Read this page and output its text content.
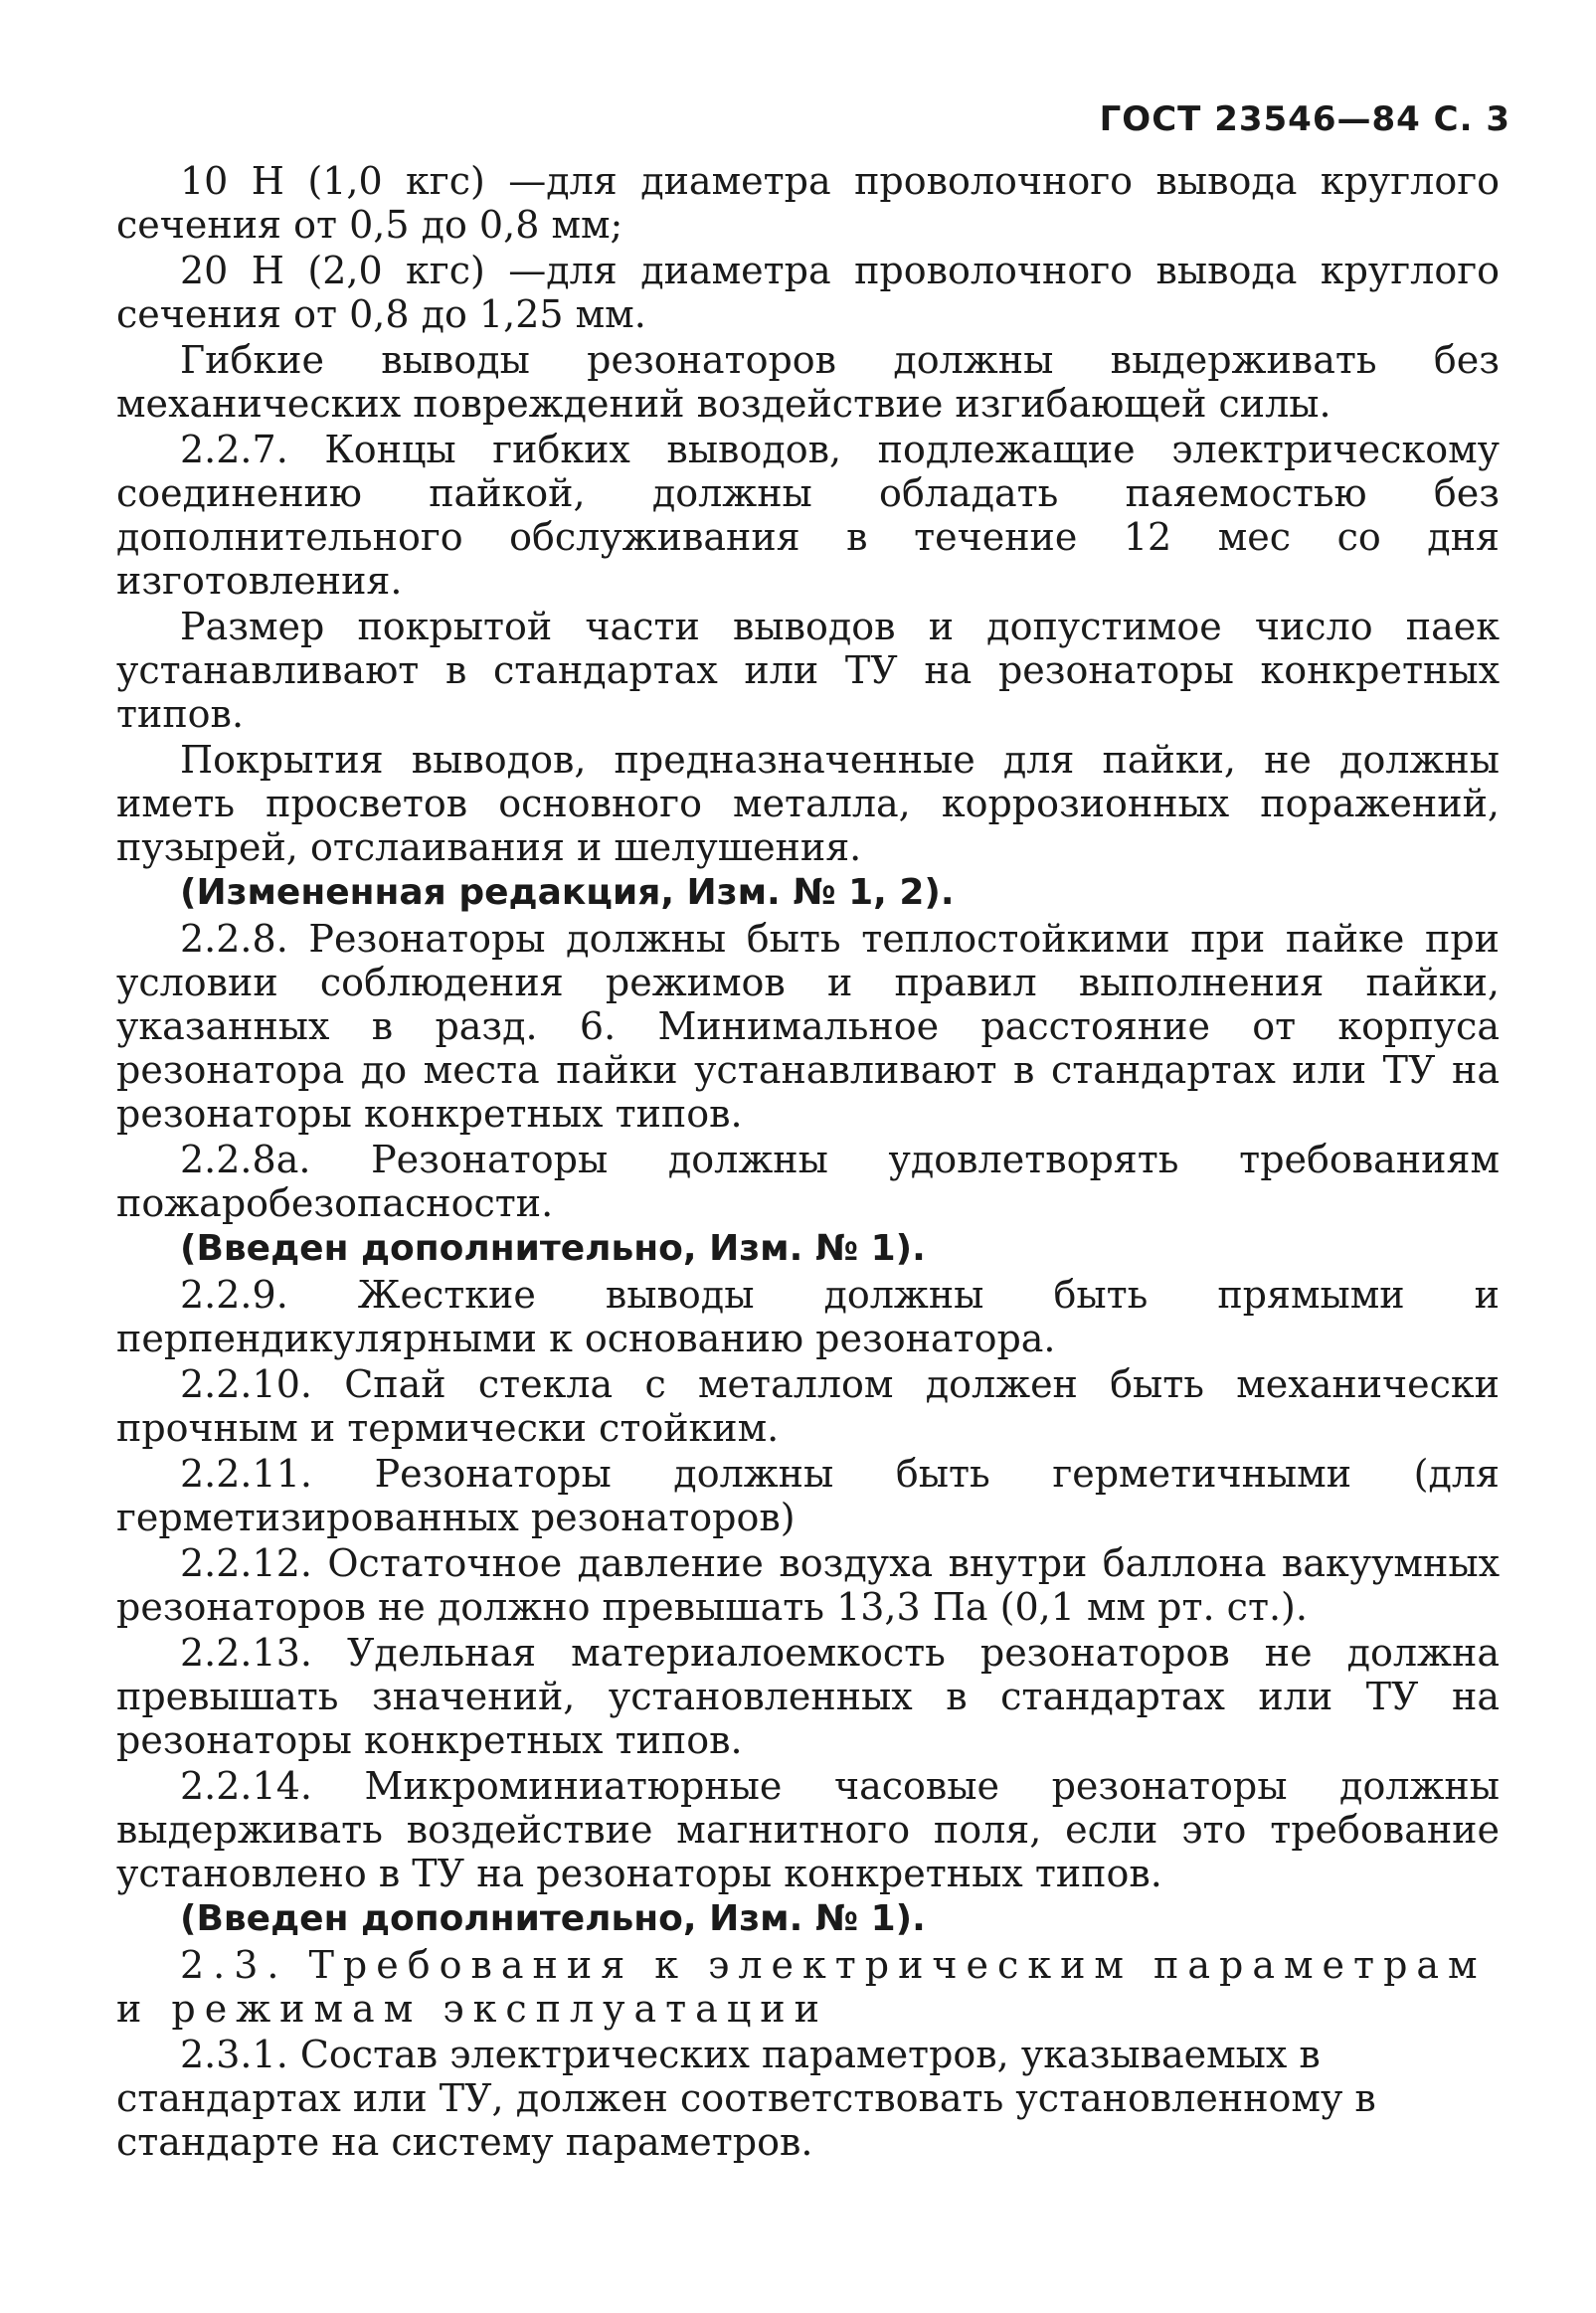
ГОСТ 23546—84 С. 3

10 Н (1,0 кгс) —для диаметра проволочного вывода круглого сечения от 0,5 до 0,8 мм;

20 Н (2,0 кгс) —для диаметра проволочного вывода круглого сечения от 0,8 до 1,25 мм.

Гибкие выводы резонаторов должны выдерживать без механических повреждений воздействие изгибающей силы.

2.2.7. Концы гибких выводов, подлежащие электрическому соединению пайкой, должны обладать паяемостью без дополнительного обслуживания в течение 12 мес со дня изготовления.

Размер покрытой части выводов и допустимое число паек устанавливают в стандартах или ТУ на резонаторы конкретных типов.

Покрытия выводов, предназначенные для пайки, не должны иметь просветов основного металла, коррозионных поражений, пузырей, отслаивания и шелушения.

(Измененная редакция, Изм. № 1, 2).

2.2.8. Резонаторы должны быть теплостойкими при пайке при условии соблюдения режимов и правил выполнения пайки, указанных в разд. 6. Минимальное расстояние от корпуса резонатора до места пайки устанавливают в стандартах или ТУ на резонаторы конкретных типов.

2.2.8а. Резонаторы должны удовлетворять требованиям пожаробезопасности.

(Введен дополнительно, Изм. № 1).

2.2.9. Жесткие выводы должны быть прямыми и перпендикулярными к основанию резонатора.

2.2.10. Спай стекла с металлом должен быть механически прочным и термически стойким.

2.2.11. Резонаторы должны быть герметичными (для герметизированных резонаторов)

2.2.12. Остаточное давление воздуха внутри баллона вакуумных резонаторов не должно превышать 13,3 Па (0,1 мм рт. ст.).

2.2.13. Удельная материалоемкость резонаторов не должна превышать значений, установленных в стандартах или ТУ на резонаторы конкретных типов.

2.2.14. Микроминиатюрные часовые резонаторы должны выдерживать воздействие магнитного поля, если это требование установлено в ТУ на резонаторы конкретных типов.

(Введен дополнительно, Изм. № 1).

2.3. Требования к электрическим параметрам и режимам эксплуатации

2.3.1. Состав электрических параметров, указываемых в стандартах или ТУ, должен соответствовать установленному в стандарте на систему параметров.
